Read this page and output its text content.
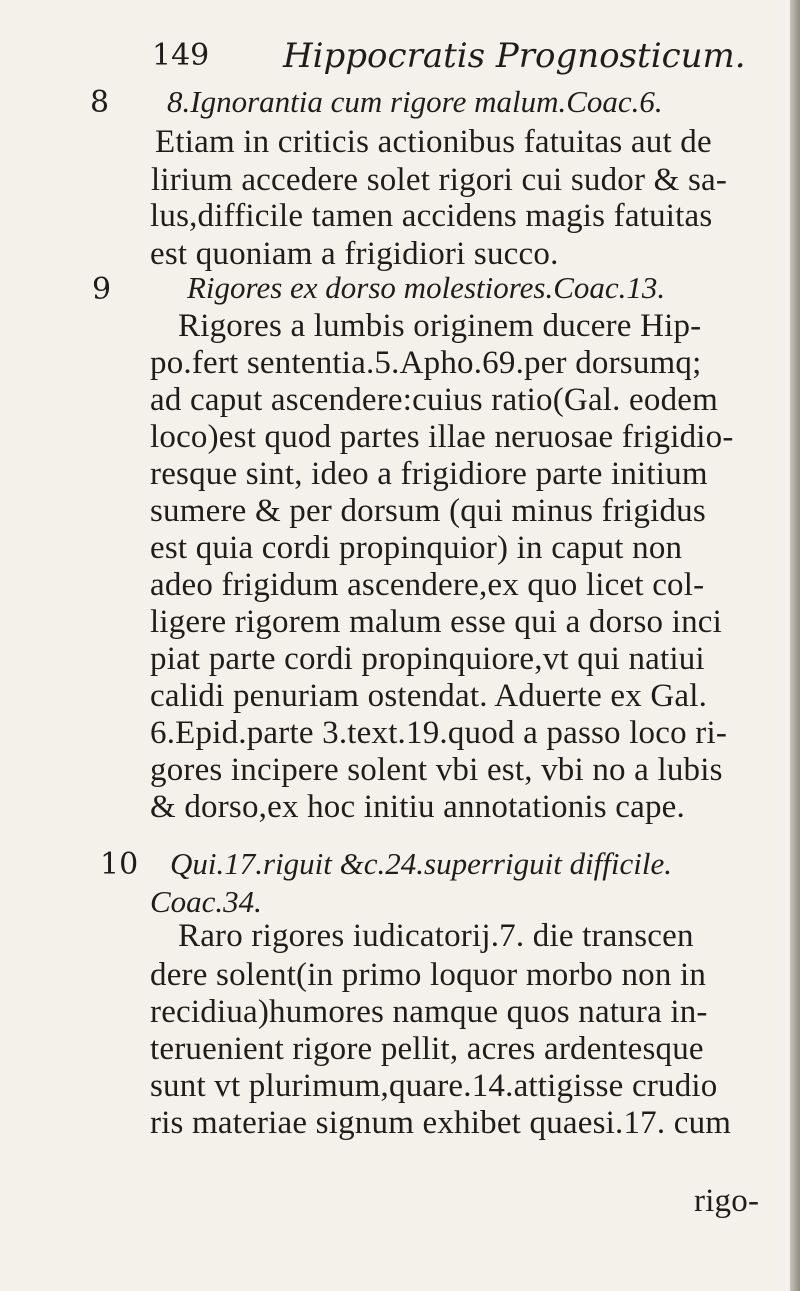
149 Hippocratis Prognosticum.
8
9
10
8.Ignorantia cum rigore malum.Coac.6.
Etiam in criticis actionibus fatuitas aut de
lirium accedere solet rigori cui sudor & sa-
lus,difficile tamen accidens magis fatuitas
est quoniam a frigidiori succo.
Rigores ex dorso molestiores.Coac.13.
Rigores a lumbis originem ducere Hip-
po.fert sententia.5.Apho.69.per dorsumq;
ad caput ascendere:cuius ratio(Gal. eodem
loco)est quod partes illae neruosae frigidio-
resque sint, ideo a frigidiore parte initium
sumere & per dorsum (qui minus frigidus
est quia cordi propinquior) in caput non
adeo frigidum ascendere,ex quo licet col-
ligere rigorem malum esse qui a dorso inci
piat parte cordi propinquiore,vt qui natiui
calidi penuriam ostendat. Aduerte ex Gal.
6.Epid.parte 3.text.19.quod a passo loco ri-
gores incipere solent vbi est, vbi no a lubis
& dorso,ex hoc initiu annotationis cape.
Qui.17.riguit &c.24.superriguit difficile.
Coac.34.
Raro rigores iudicatorij.7. die transcen
dere solent(in primo loquor morbo non in
recidiua)humores namque quos natura in-
teruenient rigore pellit, acres ardentesque
sunt vt plurimum,quare.14.attigisse crudio
ris materiae signum exhibet quaesi.17. cum
rigo-
